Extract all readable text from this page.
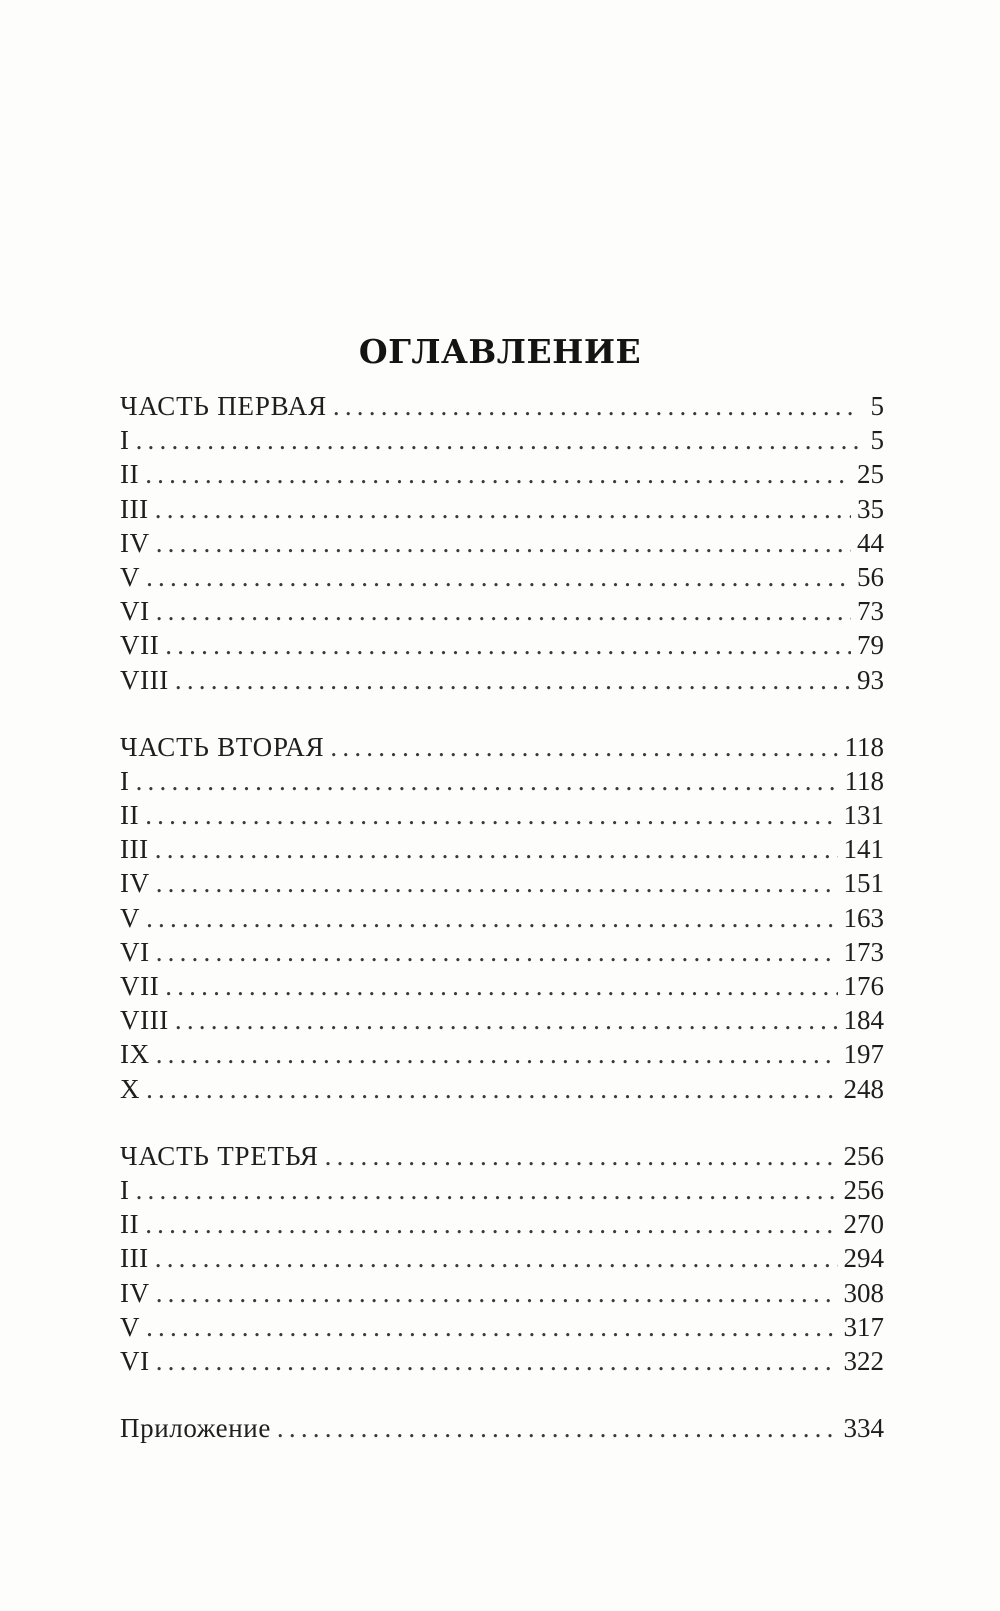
ОГЛАВЛЕНИЕ
ЧАСТЬ ПЕРВАЯ .....	5
I .....	5
II .....	25
III .....	35
IV .....	44
V .....	56
VI .....	73
VII .....	79
VIII .....	93
ЧАСТЬ ВТОРАЯ .....	118
I .....	118
II .....	131
III .....	141
IV .....	151
V .....	163
VI .....	173
VII .....	176
VIII .....	184
IX .....	197
X .....	248
ЧАСТЬ ТРЕТЬЯ .....	256
I .....	256
II .....	270
III .....	294
IV .....	308
V .....	317
VI .....	322
Приложение .....	334
